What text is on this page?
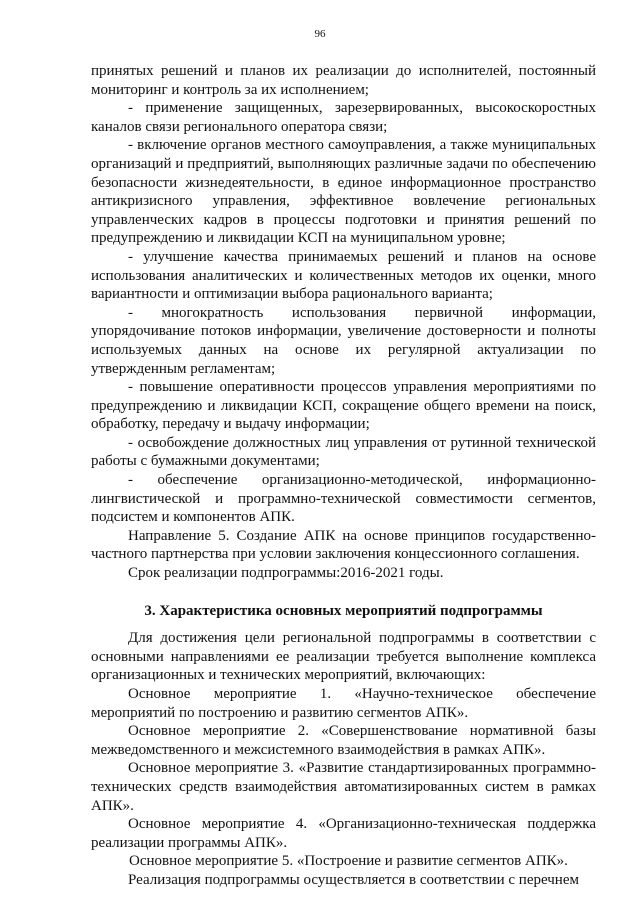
96

принятых решений и планов их реализации до исполнителей, постоянный мониторинг и контроль за их исполнением;

- применение защищенных, зарезервированных, высокоскоростных каналов связи регионального оператора связи;

- включение органов местного самоуправления, а также муниципальных организаций и предприятий, выполняющих различные задачи по обеспечению безопасности жизнедеятельности, в единое информационное пространство антикризисного управления, эффективное вовлечение региональных управленческих кадров в процессы подготовки и принятия решений по предупреждению и ликвидации КСП на муниципальном уровне;

- улучшение качества принимаемых решений и планов на основе использования аналитических и количественных методов их оценки, много вариантности и оптимизации выбора рационального варианта;

- многократность использования первичной информации, упорядочивание потоков информации, увеличение достоверности и полноты используемых данных на основе их регулярной актуализации по утвержденным регламентам;

- повышение оперативности процессов управления мероприятиями по предупреждению и ликвидации КСП, сокращение общего времени на поиск, обработку, передачу и выдачу информации;

- освобождение должностных лиц управления от рутинной технической работы с бумажными документами;

- обеспечение организационно-методической, информационно-лингвистической и программно-технической совместимости сегментов, подсистем и компонентов АПК.

Направление 5. Создание АПК на основе принципов государственно-частного партнерства при условии заключения концессионного соглашения.

Срок реализации подпрограммы:2016-2021 годы.

3. Характеристика основных мероприятий подпрограммы

Для достижения цели региональной подпрограммы в соответствии с основными направлениями ее реализации требуется выполнение комплекса организационных и технических мероприятий, включающих:

Основное мероприятие 1. «Научно-техническое обеспечение мероприятий по построению и развитию сегментов АПК».

Основное мероприятие 2. «Совершенствование нормативной базы межведомственного и межсистемного взаимодействия в рамках АПК».

Основное мероприятие 3. «Развитие стандартизированных программно-технических средств взаимодействия автоматизированных систем в рамках АПК».

Основное мероприятие 4. «Организационно-техническая поддержка реализации программы АПК».

Основное мероприятие 5. «Построение и развитие сегментов АПК».

Реализация подпрограммы осуществляется в соответствии с перечнем
